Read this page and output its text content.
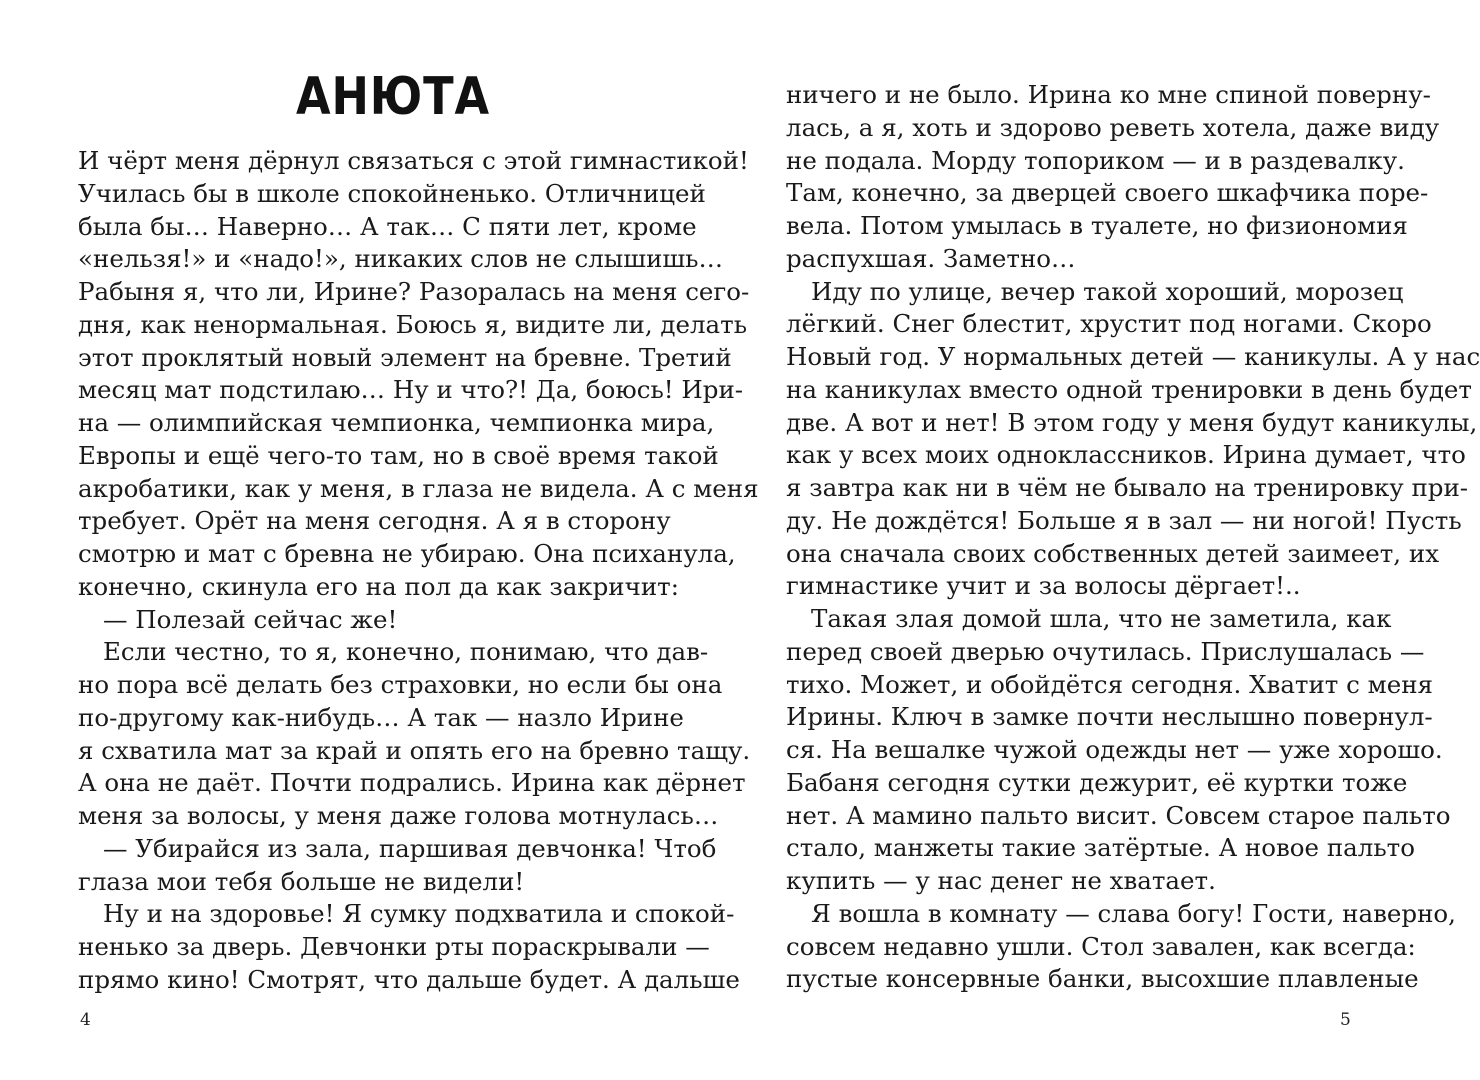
АНЮТА
И чёрт меня дёрнул связаться с этой гимнастикой!
Училась бы в школе спокойненько. Отличницей
была бы… Наверно… А так… С пяти лет, кроме
«нельзя!» и «надо!», никаких слов не слышишь…
Рабыня я, что ли, Ирине? Разоралась на меня сего-
дня, как ненормальная. Боюсь я, видите ли, делать
этот проклятый новый элемент на бревне. Третий
месяц мат подстилаю… Ну и что?! Да, боюсь! Ири-
на — олимпийская чемпионка, чемпионка мира,
Европы и ещё чего-то там, но в своё время такой
акробатики, как у меня, в глаза не видела. А с меня
требует. Орёт на меня сегодня. А я в сторону
смотрю и мат с бревна не убираю. Она психанула,
конечно, скинула его на пол да как закричит:
— Полезай сейчас же!
Если честно, то я, конечно, понимаю, что дав-
но пора всё делать без страховки, но если бы она
по-другому как-нибудь… А так — назло Ирине
я схватила мат за край и опять его на бревно тащу.
А она не даёт. Почти подрались. Ирина как дёрнет
меня за волосы, у меня даже голова мотнулась…
— Убирайся из зала, паршивая девчонка! Чтоб
глаза мои тебя больше не видели!
Ну и на здоровье! Я сумку подхватила и спокой-
ненько за дверь. Девчонки рты пораскрывали —
прямо кино! Смотрят, что дальше будет. А дальше
4
ничего и не было. Ирина ко мне спиной поверну-
лась, а я, хоть и здорово реветь хотела, даже виду
не подала. Морду топориком — и в раздевалку.
Там, конечно, за дверцей своего шкафчика поре-
вела. Потом умылась в туалете, но физиономия
распухшая. Заметно…
Иду по улице, вечер такой хороший, морозец
лёгкий. Снег блестит, хрустит под ногами. Скоро
Новый год. У нормальных детей — каникулы. А у нас
на каникулах вместо одной тренировки в день будет
две. А вот и нет! В этом году у меня будут каникулы,
как у всех моих одноклассников. Ирина думает, что
я завтра как ни в чём не бывало на тренировку при-
ду. Не дождётся! Больше я в зал — ни ногой! Пусть
она сначала своих собственных детей заимеет, их
гимнастике учит и за волосы дёргает!..
Такая злая домой шла, что не заметила, как
перед своей дверью очутилась. Прислушалась —
тихо. Может, и обойдётся сегодня. Хватит с меня
Ирины. Ключ в замке почти неслышно повернул-
ся. На вешалке чужой одежды нет — уже хорошо.
Бабаня сегодня сутки дежурит, её куртки тоже
нет. А мамино пальто висит. Совсем старое пальто
стало, манжеты такие затёртые. А новое пальто
купить — у нас денег не хватает.
Я вошла в комнату — слава богу! Гости, наверно,
совсем недавно ушли. Стол завален, как всегда:
пустые консервные банки, высохшие плавленые
5
